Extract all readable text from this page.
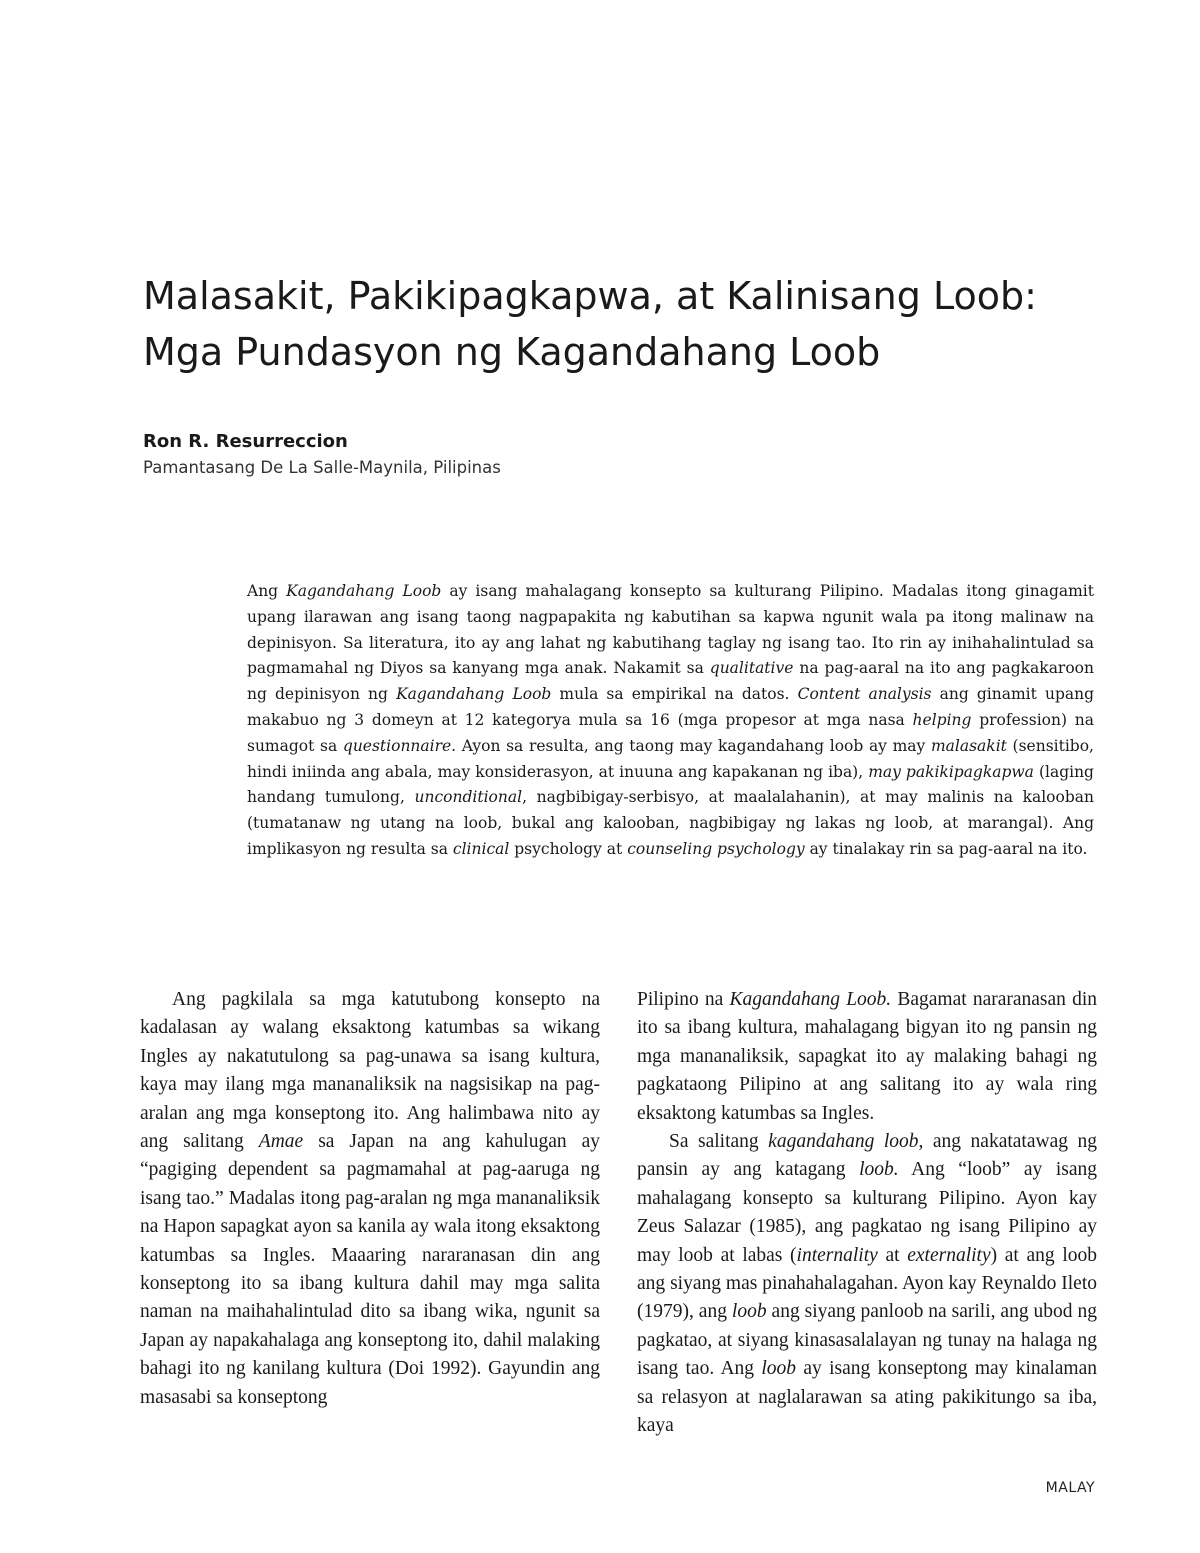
Malasakit, Pakikipagkapwa, at Kalinisang Loob:
Mga Pundasyon ng Kagandahang Loob
Ron R. Resurreccion
Pamantasang De La Salle-Maynila, Pilipinas

Ang Kagandahang Loob ay isang mahalagang konsepto sa kulturang Pilipino. Madalas itong ginagamit upang ilarawan ang isang taong nagpapakita ng kabutihan sa kapwa ngunit wala pa itong malinaw na depinisyon. Sa literatura, ito ay ang lahat ng kabutihang taglay ng isang tao. Ito rin ay inihahalintulad sa pagmamahal ng Diyos sa kanyang mga anak. Nakamit sa qualitative na pag-aaral na ito ang pagkakaroon ng depinisyon ng Kagandahang Loob mula sa empirikal na datos. Content analysis ang ginamit upang makabuo ng 3 domeyn at 12 kategorya mula sa 16 (mga propesor at mga nasa helping profession) na sumagot sa questionnaire. Ayon sa resulta, ang taong may kagandahang loob ay may malasakit (sensitibo, hindi iniinda ang abala, may konsiderasyon, at inuuna ang kapakanan ng iba), may pakikipagkapwa (laging handang tumulong, unconditional, nagbibigay-serbisyo, at maalalahanin), at may malinis na kalooban (tumatanaw ng utang na loob, bukal ang kalooban, nagbibigay ng lakas ng loob, at marangal). Ang implikasyon ng resulta sa clinical psychology at counseling psychology ay tinalakay rin sa pag-aaral na ito.

Ang pagkilala sa mga katutubong konsepto na kadalasan ay walang eksaktong katumbas sa wikang Ingles ay nakatutulong sa pag-unawa sa isang kultura, kaya may ilang mga mananaliksik na nagsisikap na pag-aralan ang mga konseptong ito. Ang halimbawa nito ay ang salitang Amae sa Japan na ang kahulugan ay “pagiging dependent sa pagmamahal at pag-aaruga ng isang tao.” Madalas itong pag-aralan ng mga mananaliksik na Hapon sapagkat ayon sa kanila ay wala itong eksaktong katumbas sa Ingles. Maaaring nararanasan din ang konseptong ito sa ibang kultura dahil may mga salita naman na maihahalintulad dito sa ibang wika, ngunit sa Japan ay napakahalaga ang konseptong ito, dahil malaking bahagi ito ng kanilang kultura (Doi 1992). Gayundin ang masasabi sa konseptong

Pilipino na Kagandahang Loob. Bagamat nararanasan din ito sa ibang kultura, mahalagang bigyan ito ng pansin ng mga mananaliksik, sapagkat ito ay malaking bahagi ng pagkataong Pilipino at ang salitang ito ay wala ring eksaktong katumbas sa Ingles.

Sa salitang kagandahang loob, ang nakatatawag ng pansin ay ang katagang loob. Ang “loob” ay isang mahalagang konsepto sa kulturang Pilipino. Ayon kay Zeus Salazar (1985), ang pagkatao ng isang Pilipino ay may loob at labas (internality at externality) at ang loob ang siyang mas pinahahalagahan. Ayon kay Reynaldo Ileto (1979), ang loob ang siyang panloob na sarili, ang ubod ng pagkatao, at siyang kinasasalalayan ng tunay na halaga ng isang tao. Ang loob ay isang konseptong may kinalaman sa relasyon at naglalarawan sa ating pakikitungo sa iba, kaya

MALAY
